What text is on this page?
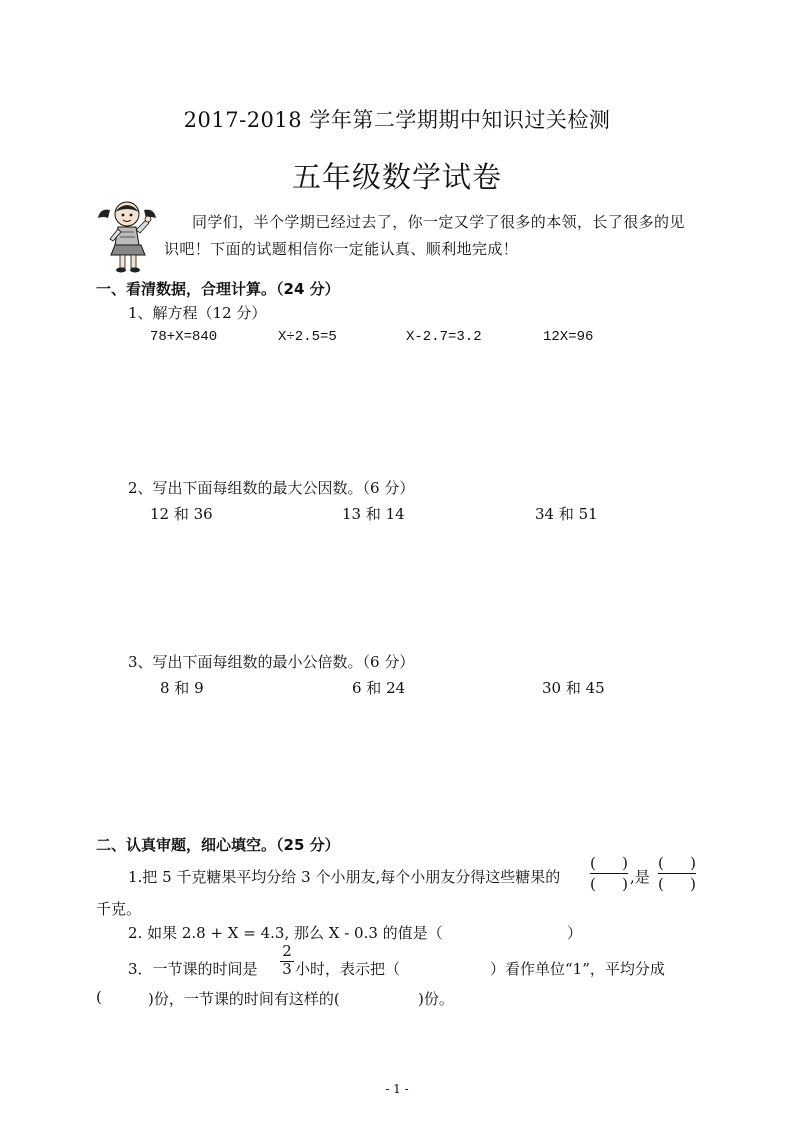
2017-2018 学年第二学期期中知识过关检测
五年级数学试卷
同学们，半个学期已经过去了，你一定又学了很多的本领，长了很多的见
识吧！下面的试题相信你一定能认真、顺利地完成！
一、看清数据，合理计算。（24 分）
1、解方程（12 分）
78+X=840	X÷2.5=5	X-2.7=3.2	12X=96
2、写出下面每组数的最大公因数。（6 分）
12 和 36	13 和 14	34 和 51
3、写出下面每组数的最小公倍数。（6 分）
8 和 9	6 和 24	30 和 45
二、认真审题，细心填空。（25 分）
1.把 5 千克糖果平均分给 3 个小朋友,每个小朋友分得这些糖果的
( )
( ) ,是
( )
( )
千克。
2. 如果 2.8 + X = 4.3, 那么 X - 0.3 的值是（	）
3．一节课的时间是
2
3 小时，表示把（	）看作单位“1”，平均分成
(	)份，一节课的时间有这样的(	)份。
- 1 -
